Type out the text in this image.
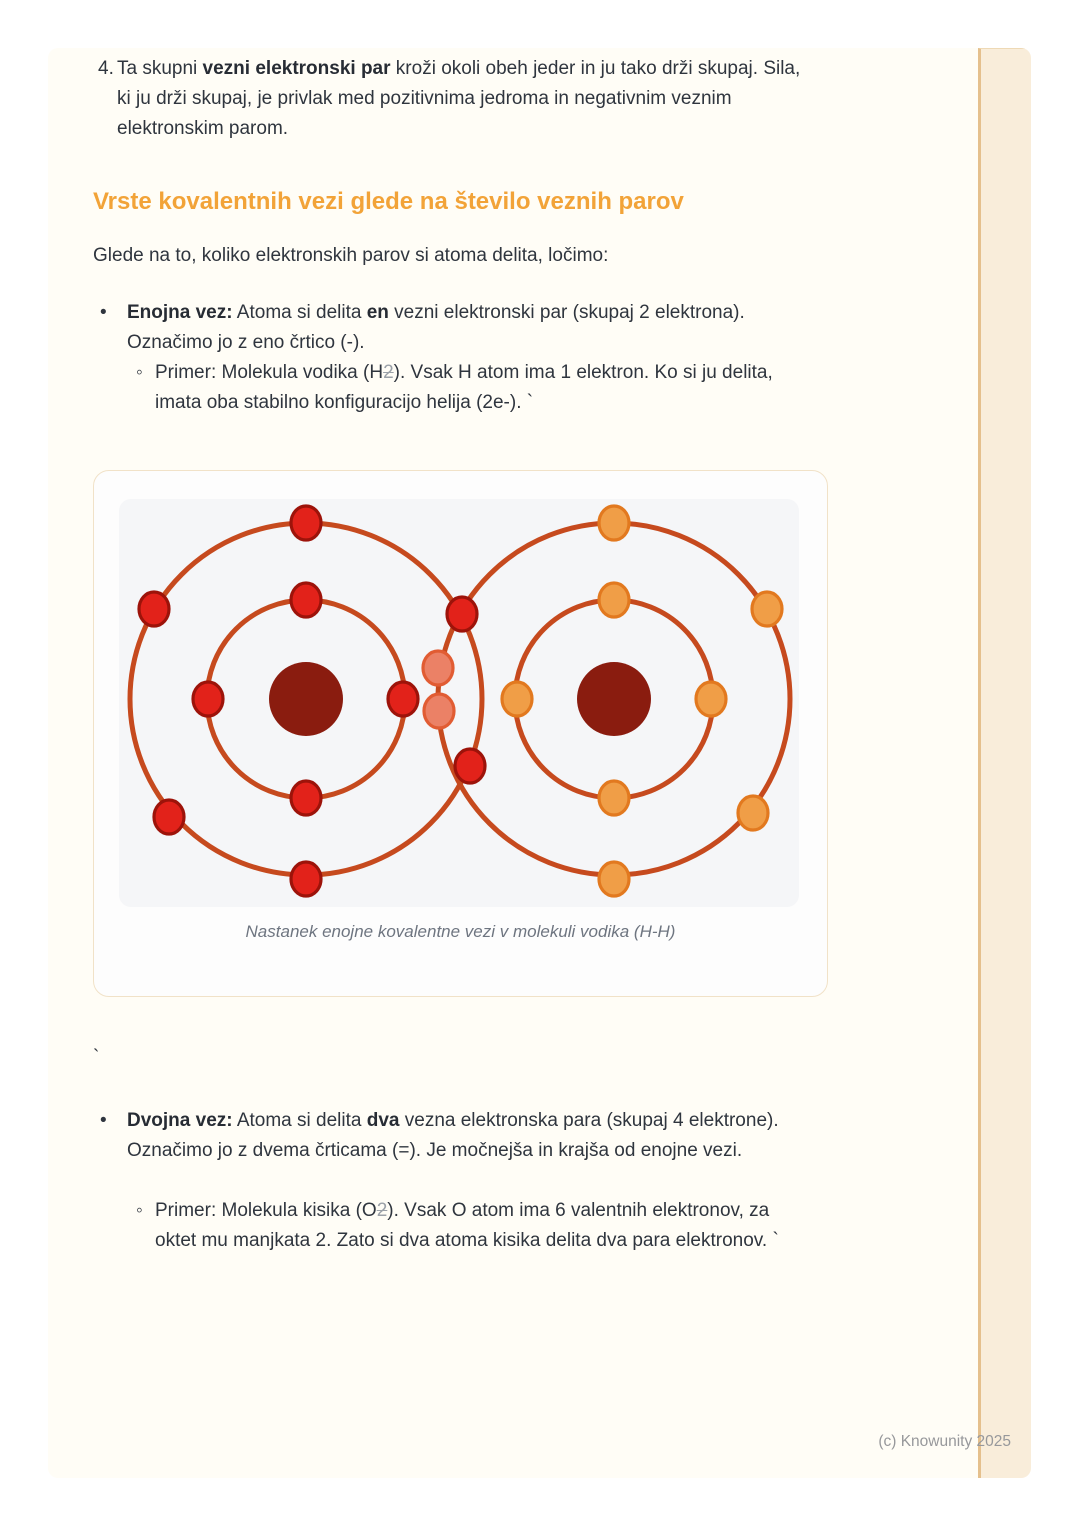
4. Ta skupni vezni elektronski par kroži okoli obeh jeder in ju tako drži skupaj. Sila, ki ju drži skupaj, je privlak med pozitivnima jedroma in negativnim veznim elektronskim parom.
Vrste kovalentnih vezi glede na število veznih parov

Glede na to, koliko elektronskih parov si atoma delita, ločimo:

•	Enojna vez: Atoma si delita en vezni elektronski par (skupaj 2 elektrona). Označimo jo z eno črtico (-).
◦ Primer: Molekula vodika (H2). Vsak H atom ima 1 elektron. Ko si ju delita, imata oba stabilno konfiguracijo helija (2e-). `
Nastanek enojne kovalentne vezi v molekuli vodika (H-H)
`
•	Dvojna vez: Atoma si delita dva vezna elektronska para (skupaj 4 elektrone). Označimo jo z dvema črticama (=). Je močnejša in krajša od enojne vezi.
◦ Primer: Molekula kisika (O2). Vsak O atom ima 6 valentnih elektronov, za oktet mu manjkata 2. Zato si dva atoma kisika delita dva para elektronov. `
(c) Knowunity 2025
